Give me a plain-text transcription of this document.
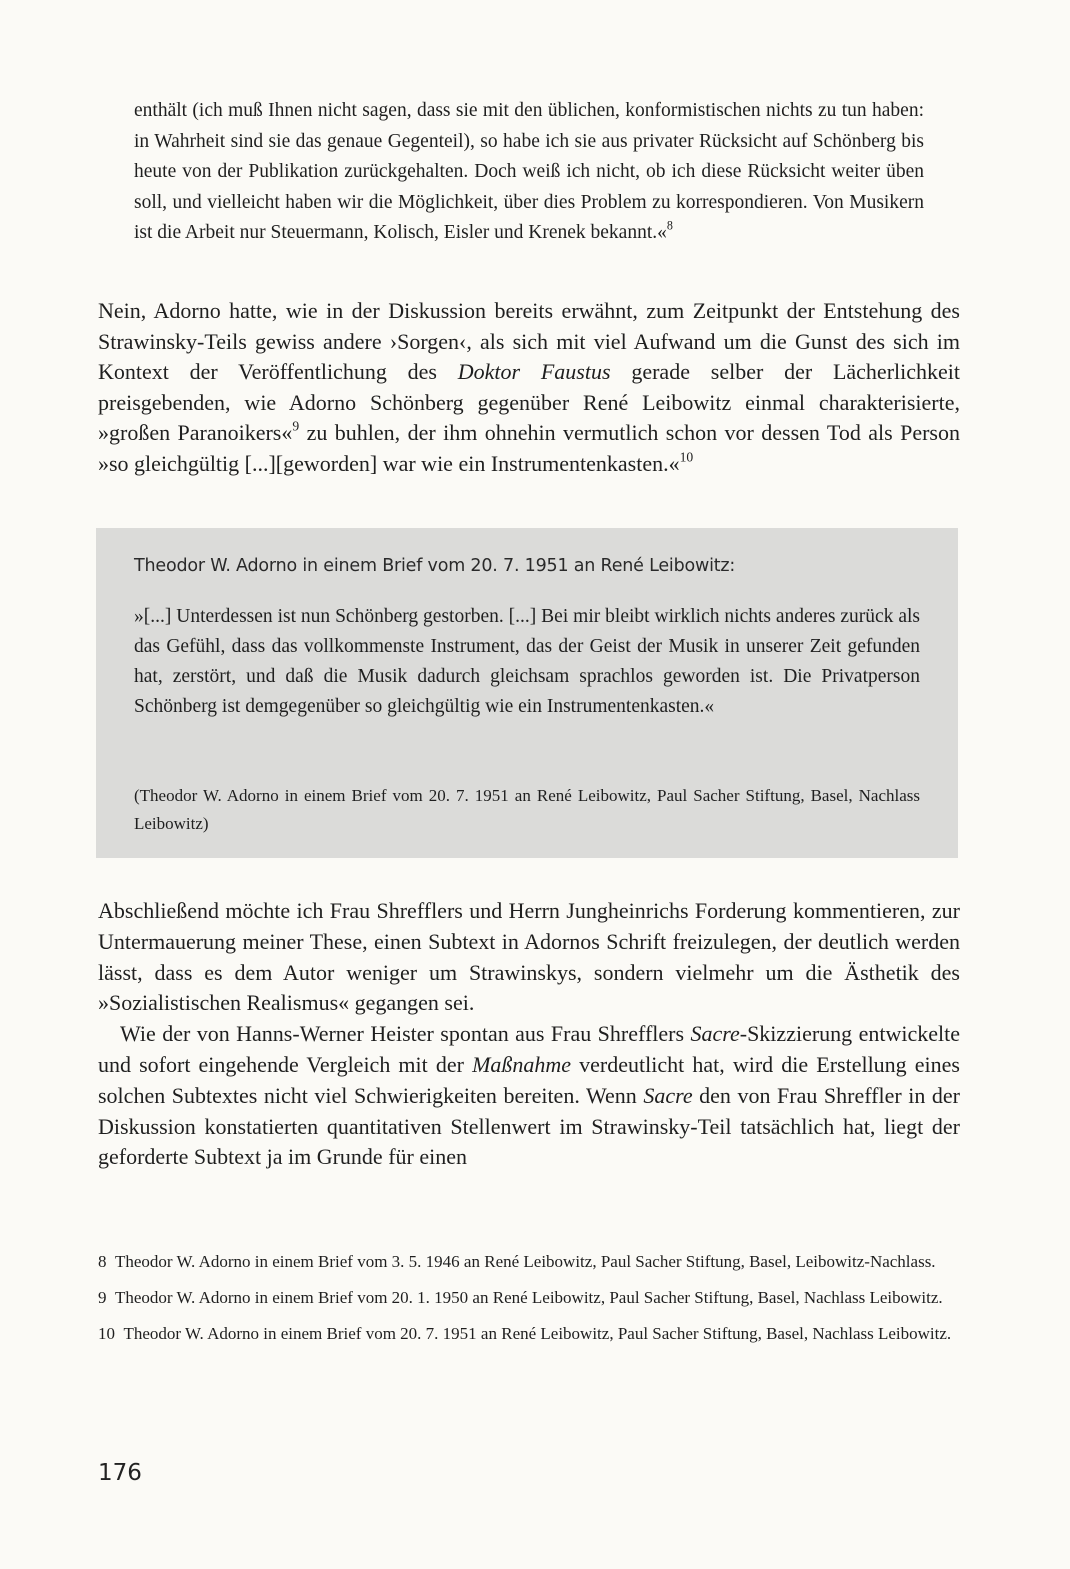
enthält (ich muß Ihnen nicht sagen, dass sie mit den üblichen, konformistischen nichts zu tun haben: in Wahrheit sind sie das genaue Gegenteil), so habe ich sie aus privater Rücksicht auf Schönberg bis heute von der Publikation zurückgehalten. Doch weiß ich nicht, ob ich diese Rücksicht weiter üben soll, und vielleicht haben wir die Möglichkeit, über dies Problem zu korrespondieren. Von Musikern ist die Arbeit nur Steuermann, Kolisch, Eisler und Krenek bekannt.«$^8$

Nein, Adorno hatte, wie in der Diskussion bereits erwähnt, zum Zeitpunkt der Entstehung des Strawinsky-Teils gewiss andere ›Sorgen‹, als sich mit viel Aufwand um die Gunst des sich im Kontext der Veröffentlichung des Doktor Faustus gerade selber der Lächerlichkeit preisgebenden, wie Adorno Schönberg gegenüber René Leibowitz einmal charakterisierte, »großen Paranoikers«$^9$ zu buhlen, der ihm ohnehin vermutlich schon vor dessen Tod als Person »so gleichgültig [...][geworden] war wie ein Instrumentenkasten.«$^{10}$

Theodor W. Adorno in einem Brief vom 20. 7. 1951 an René Leibowitz:

»[...] Unterdessen ist nun Schönberg gestorben. [...] Bei mir bleibt wirklich nichts anderes zurück als das Gefühl, dass das vollkommenste Instrument, das der Geist der Musik in unserer Zeit gefunden hat, zerstört, und daß die Musik dadurch gleichsam sprachlos geworden ist. Die Privatperson Schönberg ist demgegenüber so gleichgültig wie ein Instrumentenkasten.«

(Theodor W. Adorno in einem Brief vom 20. 7. 1951 an René Leibowitz, Paul Sacher Stiftung, Basel, Nachlass Leibowitz)

Abschließend möchte ich Frau Shrefflers und Herrn Jungheinrichs Forderung kommentieren, zur Untermauerung meiner These, einen Subtext in Adornos Schrift freizulegen, der deutlich werden lässt, dass es dem Autor weniger um Strawinskys, sondern vielmehr um die Ästhetik des »Sozialistischen Realismus« gegangen sei.

Wie der von Hanns-Werner Heister spontan aus Frau Shrefflers Sacre-Skizzierung entwickelte und sofort eingehende Vergleich mit der Maßnahme verdeutlicht hat, wird die Erstellung eines solchen Subtextes nicht viel Schwierigkeiten bereiten. Wenn Sacre den von Frau Shreffler in der Diskussion konstatierten quantitativen Stellenwert im Strawinsky-Teil tatsächlich hat, liegt der geforderte Subtext ja im Grunde für einen

8 Theodor W. Adorno in einem Brief vom 3. 5. 1946 an René Leibowitz, Paul Sacher Stiftung, Basel, Leibowitz-Nachlass.

9 Theodor W. Adorno in einem Brief vom 20. 1. 1950 an René Leibowitz, Paul Sacher Stiftung, Basel, Nachlass Leibowitz.

10 Theodor W. Adorno in einem Brief vom 20. 7. 1951 an René Leibowitz, Paul Sacher Stiftung, Basel, Nachlass Leibowitz.

176
